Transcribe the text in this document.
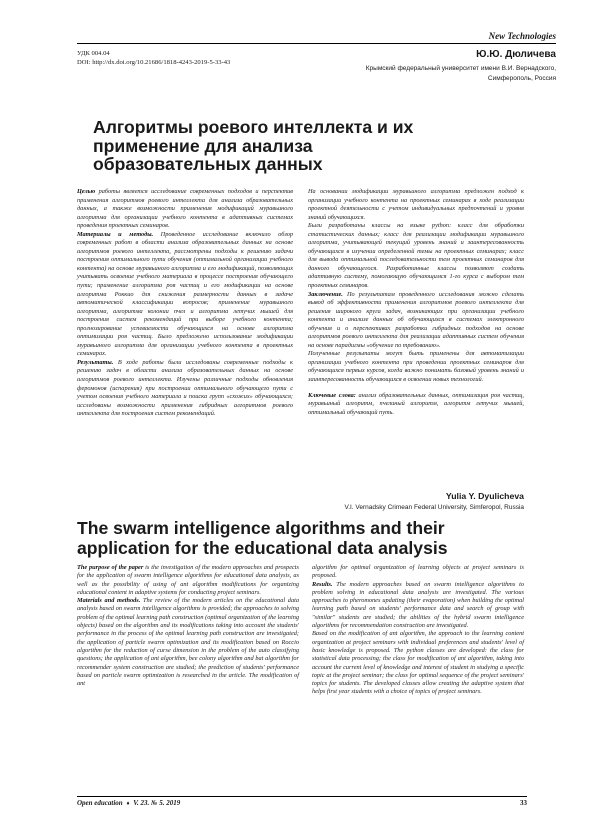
New Technologies
УДК 004.04
DOI: http://dx.doi.org/10.21686/1818-4243-2019-5-33-43
Ю.Ю. Дюличева
Крымский федеральный университет имени В.И. Вернадского, Симферополь, Россия
Алгоритмы роевого интеллекта и их применение для анализа образовательных данных

Целью работы является исследование современных подходов и перспектив применения алгоритмов роевого интеллекта для анализа образовательных данных, а также возможности применения модификаций муравьиного алгоритма для организации учебного контента в адаптивных системах проведения проектных семинаров.

Материалы и методы. Проведенное исследование включило обзор современных работ в области анализа образовательных данных на основе алгоритмов роевого интеллекта, рассмотрены подходы к решению задачи построения оптимального пути обучения (оптимальной организации учебного контента) на основе муравьиного алгоритма и его модификаций, позволяющих учитывать освоение учебного материала в процессе построения обучающего пути; применение алгоритма роя частиц и его модификации на основе алгоритма Роккио для снижения размерности данных в задаче автоматической классификации вопросов; применение муравьиного алгоритма, алгоритма колонии пчел и алгоритма летучих мышей для построения систем рекомендаций при выборе учебного контента; прогнозирование успеваемости обучающихся на основе алгоритма оптимизации роя частиц. Было предложено использование модификации муравьиного алгоритма для организации учебного контента в проектных семинарах.

Результаты. В ходе работы были исследованы современные подходы к решению задач в области анализа образовательных данных на основе алгоритмов роевого интеллекта. Изучены различные подходы обновления феромонов (испарения) при построении оптимального обучающего пути с учетом освоения учебного материала и поиска групп «схожих» обучающихся; исследованы возможности применения гибридных алгоритмов роевого интеллекта для построения систем рекомендаций.

На основании модификации муравьиного алгоритма предложен подход к организации учебного контента на проектных семинарах в ходе реализации проектной деятельности с учетом индивидуальных предпочтений и уровня знаний обучающихся.

Были разработаны классы на языке python: класс для обработки статистических данных; класс для реализации модификации муравьиного алгоритма, учитывающей текущий уровень знаний и заинтересованность обучающихся в изучении определенной темы на проектных семинарах; класс для вывода оптимальной последовательности тем проектных семинаров для данного обучающегося. Разработанные классы позволяют создать адаптивную систему, помогающую обучающимся 1-го курса с выбором тем проектных семинаров.

Заключение. По результатам проведенного исследования можно сделать вывод об эффективности применения алгоритмов роевого интеллекта для решения широкого круга задач, возникающих при организации учебного контента и анализе данных об обучающихся в системах электронного обучения и о перспективах разработки гибридных подходов на основе алгоритмов роевого интеллекта для реализации адаптивных систем обучения на основе парадигмы «обучение по требованию».

Полученные результаты могут быть применены для автоматизации организации учебного контента при проведении проектных семинаров для обучающихся первых курсов, когда важно понимать базовый уровень знаний и заинтересованность обучающихся в освоении новых технологий.

Ключевые слова: анализ образовательных данных, оптимизация роя частиц, муравьиный алгоритм, пчелиный алгоритм, алгоритм летучих мышей, оптимальный обучающий путь.

Yulia Y. Dyulicheva
V.I. Vernadsky Crimean Federal University, Simferopol, Russia
The swarm intelligence algorithms and their application for the educational data analysis

The purpose of the paper is the investigation of the modern approaches and prospects for the application of swarm intelligence algorithms for educational data analysis, as well as the possibility of using of ant algorithm modifications for organizing educational content in adaptive systems for conducting project seminars.

Materials and methods. The review of the modern articles on the educational data analysis based on swarm intelligence algorithms is provided; the approaches to solving problem of the optimal learning path construction (optimal organization of the learning objects) based on the algorithm and its modifications taking into account the students' performance in the process of the optimal learning path construction are investigated; the application of particle swarm optimization and its modification based on Roccio algorithm for the reduction of curse dimension in the problem of the auto classifying questions; the application of ant algorithm, bee colony algorithm and bat algorithm for recommender system construction are studied; the prediction of students' performance based on particle swarm optimization is researched in the article. The modification of ant

algorithm for optimal organization of learning objects at project seminars is proposed.

Results. The modern approaches based on swarm intelligence algorithms to problem solving in educational data analysis are investigated. The various approaches to pheromones updating (their evaporation) when building the optimal learning path based on students' performance data and search of group with "similar" students are studied; the abilities of the hybrid swarm intelligence algorithms for recommendation construction are investigated.

Based on the modification of ant algorithm, the approach to the learning content organization at project seminars with individual preferences and students' level of basic knowledge is proposed. The python classes are developed: the class for statistical data processing; the class for modification of ant algorithm, taking into account the current level of knowledge and interest of student in studying a specific topic at the project seminar; the class for optimal sequence of the project seminars' topics for students. The developed classes allow creating the adaptive system that helps first year students with a choice of topics of project seminars.

Open education ♦ V. 23. № 5. 2019	33
